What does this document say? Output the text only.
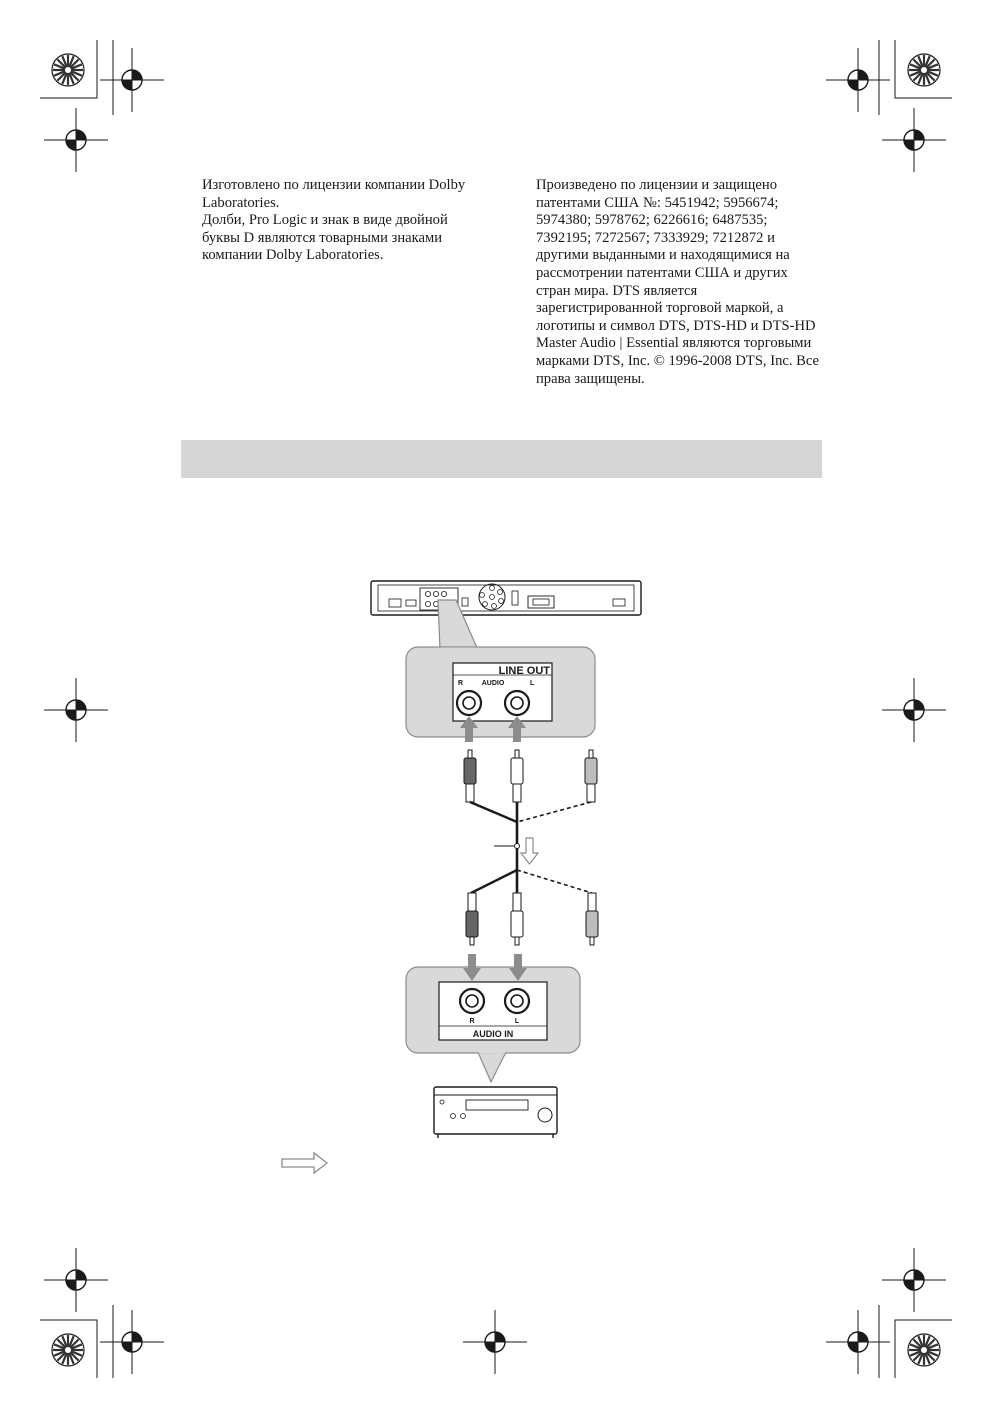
Изготовлено по лицензии компании Dolby Laboratories.

Долби, Pro Logic и знак в виде двойной буквы D являются товарными знаками компании Dolby Laboratories.

Произведено по лицензии и защищено патентами США №: 5451942; 5956674; 5974380; 5978762; 6226616; 6487535; 7392195; 7272567; 7333929; 7212872 и другими выданными и находящимися на рассмотрении патентами США и других стран мира. DTS является зарегистрированной торговой маркой, а логотипы и символ DTS, DTS-HD и DTS-HD Master Audio | Essential являются торговыми марками DTS, Inc. © 1996-2008 DTS, Inc. Все права защищены.

LINE OUT
R	AUDIO	L
R	L
AUDIO IN
